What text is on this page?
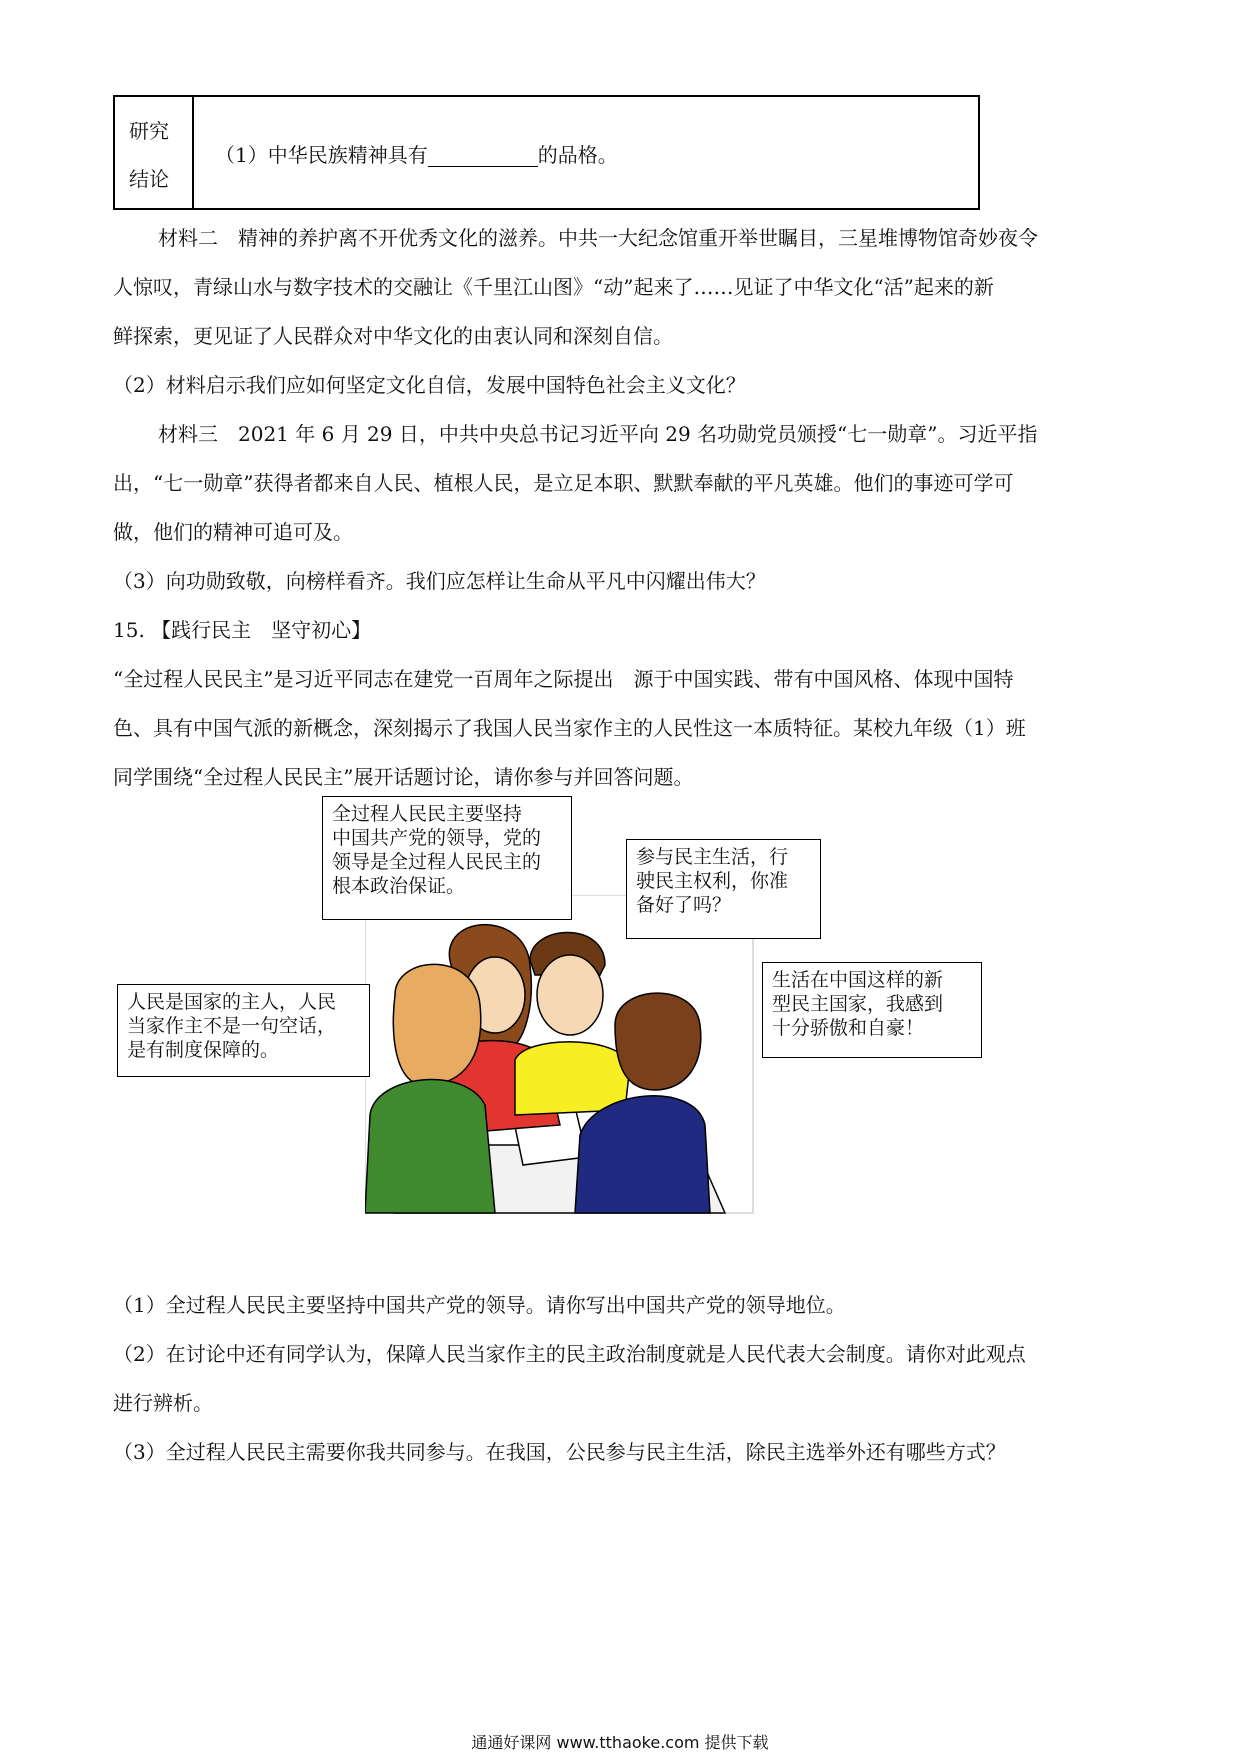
研究
结论
（1）中华民族精神具有	的品格。
材料二　精神的养护离不开优秀文化的滋养。中共一大纪念馆重开举世瞩目，三星堆博物馆奇妙夜令
人惊叹，青绿山水与数字技术的交融让《千里江山图》“动”起来了……见证了中华文化“活”起来的新
鲜探索，更见证了人民群众对中华文化的由衷认同和深刻自信。
（2）材料启示我们应如何坚定文化自信，发展中国特色社会主义文化？
材料三　2021 年 6 月 29 日，中共中央总书记习近平向 29 名功勋党员颁授“七一勋章”。习近平指
出，“七一勋章”获得者都来自人民、植根人民，是立足本职、默默奉献的平凡英雄。他们的事迹可学可
做，他们的精神可追可及。
（3）向功勋致敬，向榜样看齐。我们应怎样让生命从平凡中闪耀出伟大？
15. 【践行民主　坚守初心】
“全过程人民民主”是习近平同志在建党一百周年之际提出　源于中国实践、带有中国风格、体现中国特
色、具有中国气派的新概念，深刻揭示了我国人民当家作主的人民性这一本质特征。某校九年级（1）班
同学围绕“全过程人民民主”展开话题讨论，请你参与并回答问题。
全过程人民民主要坚持
中国共产党的领导，党的
领导是全过程人民民主的
根本政治保证。
参与民主生活，行
驶民主权利，你准
备好了吗？
人民是国家的主人，人民
当家作主不是一句空话，
是有制度保障的。
生活在中国这样的新
型民主国家，我感到
十分骄傲和自豪！
（1）全过程人民民主要坚持中国共产党的领导。请你写出中国共产党的领导地位。
（2）在讨论中还有同学认为，保障人民当家作主的民主政治制度就是人民代表大会制度。请你对此观点
进行辨析。
（3）全过程人民民主需要你我共同参与。在我国，公民参与民主生活，除民主选举外还有哪些方式？
通通好课网 www.tthaoke.com 提供下载
